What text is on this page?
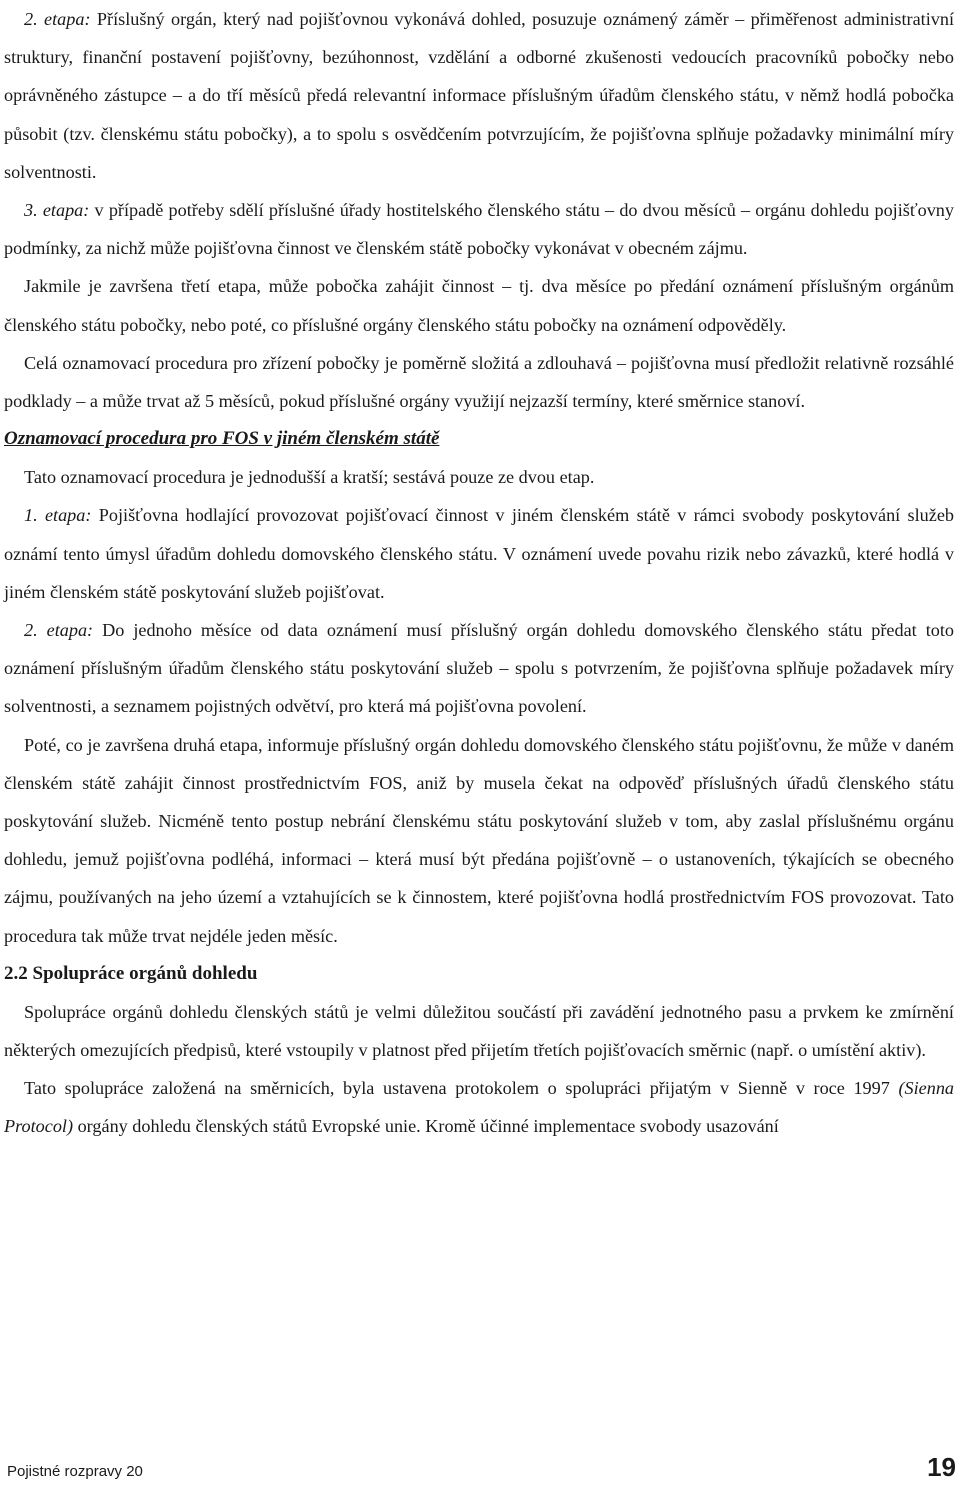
2. etapa: Příslušný orgán, který nad pojišťovnou vykonává dohled, posuzuje oznámený záměr – přiměřenost administrativní struktury, finanční postavení pojišťovny, bezúhonnost, vzdělání a odborné zkušenosti vedoucích pracovníků pobočky nebo oprávněného zástupce – a do tří měsíců předá relevantní informace příslušným úřadům členského státu, v němž hodlá pobočka působit (tzv. členskému státu pobočky), a to spolu s osvědčením potvrzujícím, že pojišťovna splňuje požadavky minimální míry solventnosti.

3. etapa: v případě potřeby sdělí příslušné úřady hostitelského členského státu – do dvou měsíců – orgánu dohledu pojišťovny podmínky, za nichž může pojišťovna činnost ve členském státě pobočky vykonávat v obecném zájmu.

Jakmile je završena třetí etapa, může pobočka zahájit činnost – tj. dva měsíce po předání oznámení příslušným orgánům členského státu pobočky, nebo poté, co příslušné orgány členského státu pobočky na oznámení odpověděly.

Celá oznamovací procedura pro zřízení pobočky je poměrně složitá a zdlouhavá – pojišťovna musí předložit relativně rozsáhlé podklady – a může trvat až 5 měsíců, pokud příslušné orgány využijí nejzazší termíny, které směrnice stanoví.

Oznamovací procedura pro FOS v jiném členském státě

Tato oznamovací procedura je jednodušší a kratší; sestává pouze ze dvou etap.

1. etapa: Pojišťovna hodlající provozovat pojišťovací činnost v jiném členském státě v rámci svobody poskytování služeb oznámí tento úmysl úřadům dohledu domovského členského státu. V oznámení uvede povahu rizik nebo závazků, které hodlá v jiném členském státě poskytování služeb pojišťovat.

2. etapa: Do jednoho měsíce od data oznámení musí příslušný orgán dohledu domovského členského státu předat toto oznámení příslušným úřadům členského státu poskytování služeb – spolu s potvrzením, že pojišťovna splňuje požadavek míry solventnosti, a seznamem pojistných odvětví, pro která má pojišťovna povolení.

Poté, co je završena druhá etapa, informuje příslušný orgán dohledu domovského členského státu pojišťovnu, že může v daném členském státě zahájit činnost prostřednictvím FOS, aniž by musela čekat na odpověď příslušných úřadů členského státu poskytování služeb. Nicméně tento postup nebrání členskému státu poskytování služeb v tom, aby zaslal příslušnému orgánu dohledu, jemuž pojišťovna podléhá, informaci – která musí být předána pojišťovně – o ustanoveních, týkajících se obecného zájmu, používaných na jeho území a vztahujících se k činnostem, které pojišťovna hodlá prostřednictvím FOS provozovat. Tato procedura tak může trvat nejdéle jeden měsíc.

2.2 Spolupráce orgánů dohledu

Spolupráce orgánů dohledu členských států je velmi důležitou součástí při zavádění jednotného pasu a prvkem ke zmírnění některých omezujících předpisů, které vstoupily v platnost před přijetím třetích pojišťovacích směrnic (např. o umístění aktiv).

Tato spolupráce založená na směrnicích, byla ustavena protokolem o spolupráci přijatým v Sienně v roce 1997 (Sienna Protocol) orgány dohledu členských států Evropské unie. Kromě účinné implementace svobody usazování

Pojistné rozpravy 20	19
